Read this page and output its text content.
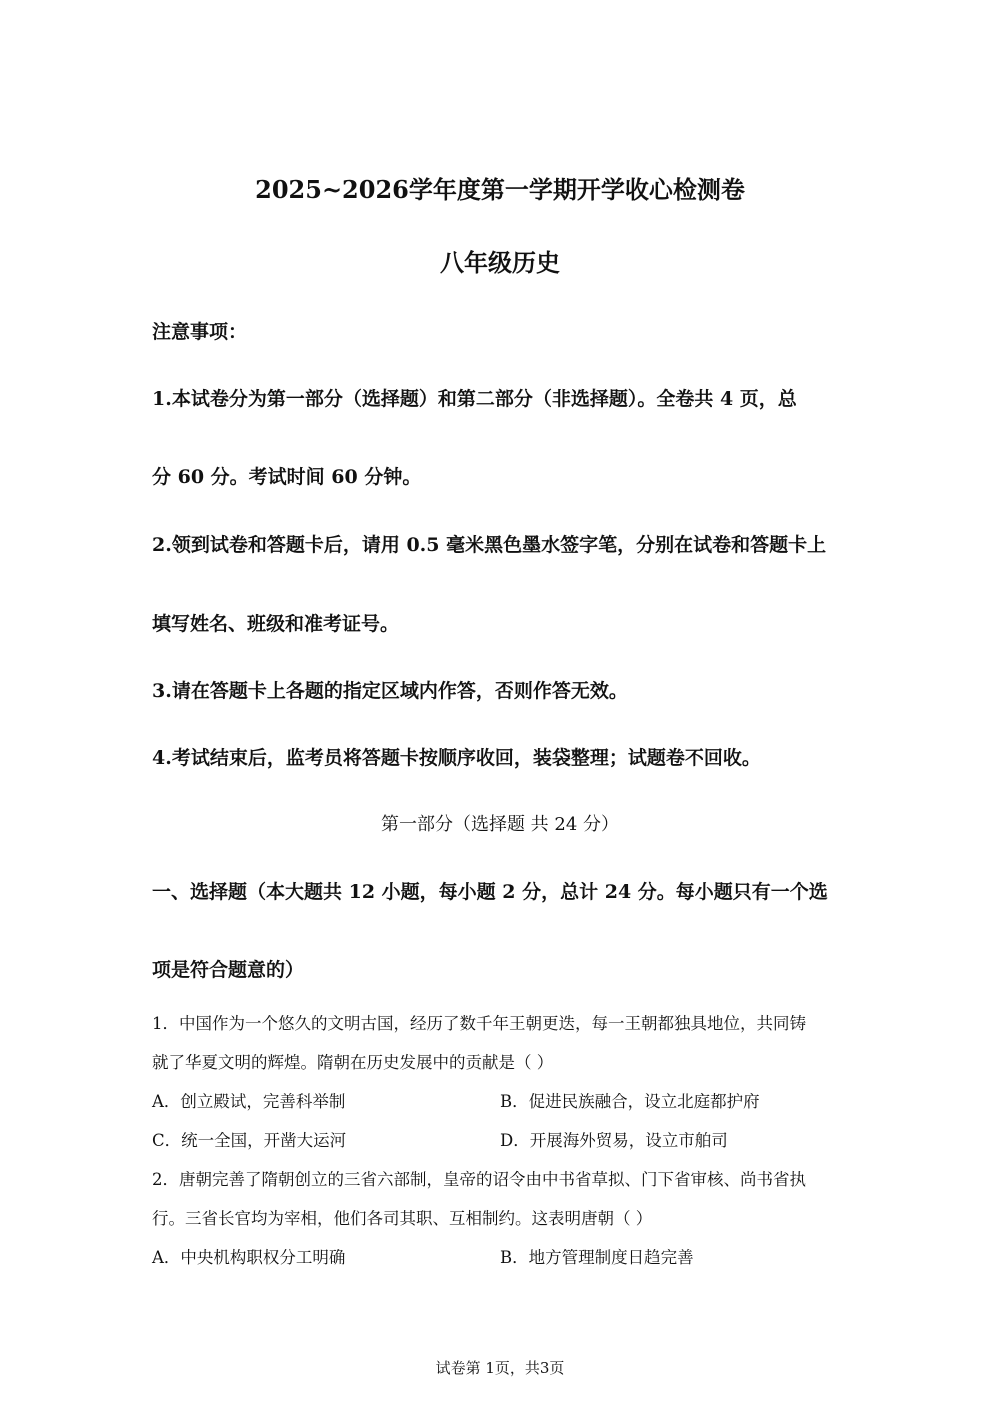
2025~2026学年度第一学期开学收心检测卷
八年级历史
注意事项：
1.本试卷分为第一部分（选择题）和第二部分（非选择题）。全卷共 4 页，总
分 60 分。考试时间 60 分钟。
2.领到试卷和答题卡后，请用 0.5 毫米黑色墨水签字笔，分别在试卷和答题卡上
填写姓名、班级和准考证号。
3.请在答题卡上各题的指定区域内作答，否则作答无效。
4.考试结束后，监考员将答题卡按顺序收回，装袋整理；试题卷不回收。
第一部分（选择题 共 24 分）
一、选择题（本大题共 12 小题，每小题 2 分，总计 24 分。每小题只有一个选
项是符合题意的）
1．中国作为一个悠久的文明古国，经历了数千年王朝更迭，每一王朝都独具地位，共同铸
就了华夏文明的辉煌。隋朝在历史发展中的贡献是（ ）
A．创立殿试，完善科举制	B．促进民族融合，设立北庭都护府
C．统一全国，开凿大运河	D．开展海外贸易，设立市舶司
2．唐朝完善了隋朝创立的三省六部制，皇帝的诏令由中书省草拟、门下省审核、尚书省执
行。三省长官均为宰相，他们各司其职、互相制约。这表明唐朝（ ）
A．中央机构职权分工明确	B．地方管理制度日趋完善
试卷第 1页，共3页
